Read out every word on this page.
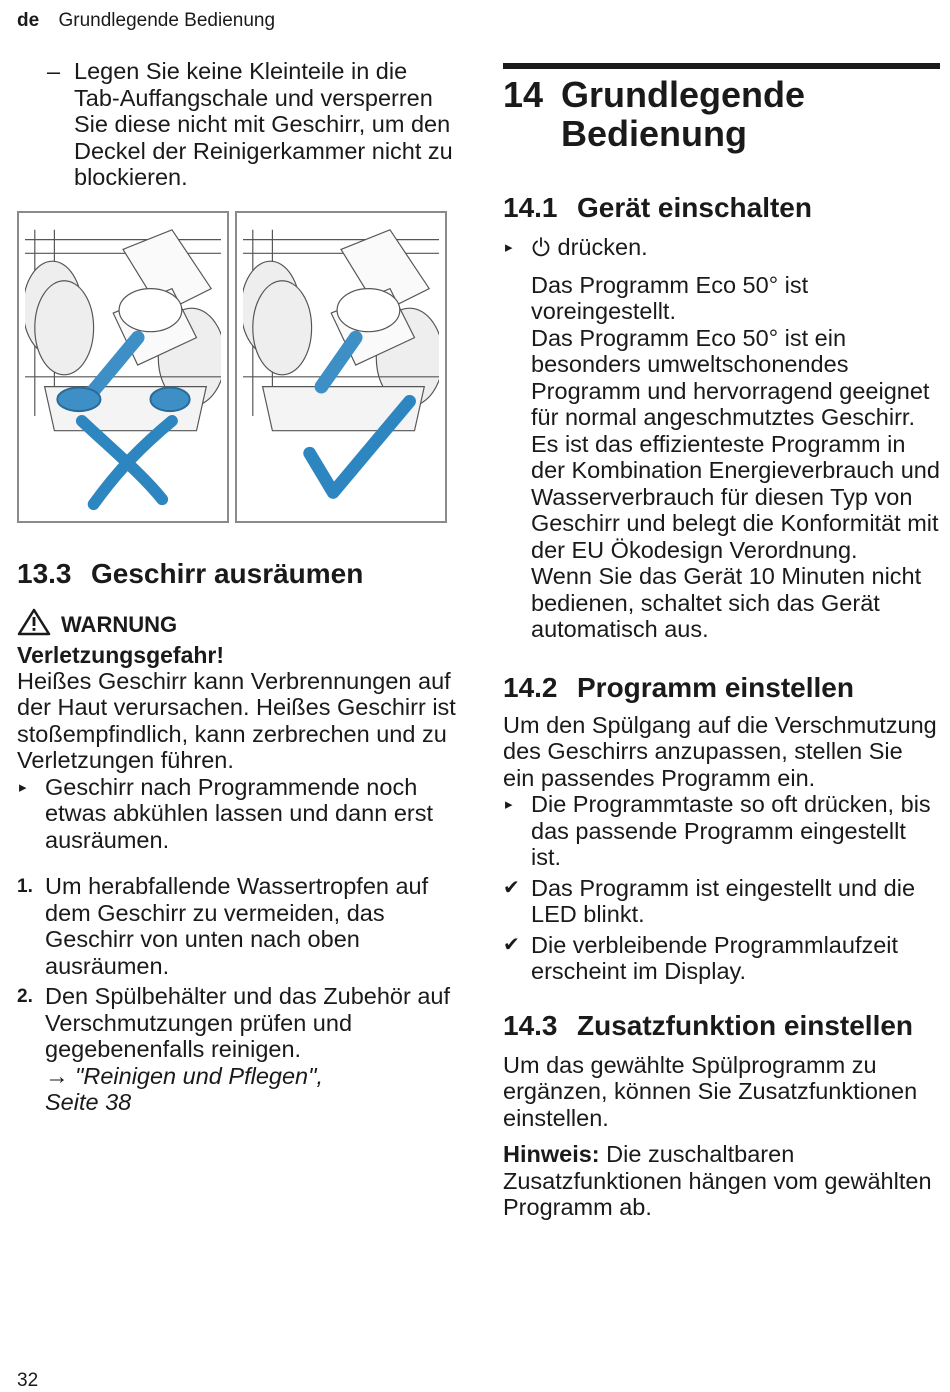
de Grundlegende Bedienung
– Legen Sie keine Kleinteile in die Tab-Auffangschale und versperren Sie diese nicht mit Geschirr, um den Deckel der Reinigerkammer nicht zu blockieren.
13.3 Geschirr ausräumen
WARNUNG
Verletzungsgefahr!

Heißes Geschirr kann Verbrennungen auf der Haut verursachen. Heißes Geschirr ist stoßempfindlich, kann zerbrechen und zu Verletzungen führen.

▸ Geschirr nach Programmende noch etwas abkühlen lassen und dann erst ausräumen.
1. Um herabfallende Wassertropfen auf dem Geschirr zu vermeiden, das Geschirr von unten nach oben ausräumen.
2. Den Spülbehälter und das Zubehör auf Verschmutzungen prüfen und gegebenenfalls reinigen.
→ "Reinigen und Pflegen",
Seite 38
14 Grundlegende Bedienung
14.1 Gerät einschalten
▸ drücken.

Das Programm Eco 50° ist voreingestellt.

Das Programm Eco 50° ist ein besonders umweltschonendes Programm und hervorragend geeignet für normal angeschmutztes Geschirr. Es ist das effizienteste Programm in der Kombination Energieverbrauch und Wasserverbrauch für diesen Typ von Geschirr und belegt die Konformität mit der EU Ökodesign Verordnung.

Wenn Sie das Gerät 10 Minuten nicht bedienen, schaltet sich das Gerät automatisch aus.

14.2 Programm einstellen

Um den Spülgang auf die Verschmutzung des Geschirrs anzupassen, stellen Sie ein passendes Programm ein.

▸ Die Programmtaste so oft drücken, bis das passende Programm eingestellt ist.
✔ Das Programm ist eingestellt und die LED blinkt.
✔ Die verbleibende Programmlaufzeit erscheint im Display.
14.3 Zusatzfunktion einstellen

Um das gewählte Spülprogramm zu ergänzen, können Sie Zusatzfunktionen einstellen.

Hinweis: Die zuschaltbaren Zusatzfunktionen hängen vom gewählten Programm ab.

32
